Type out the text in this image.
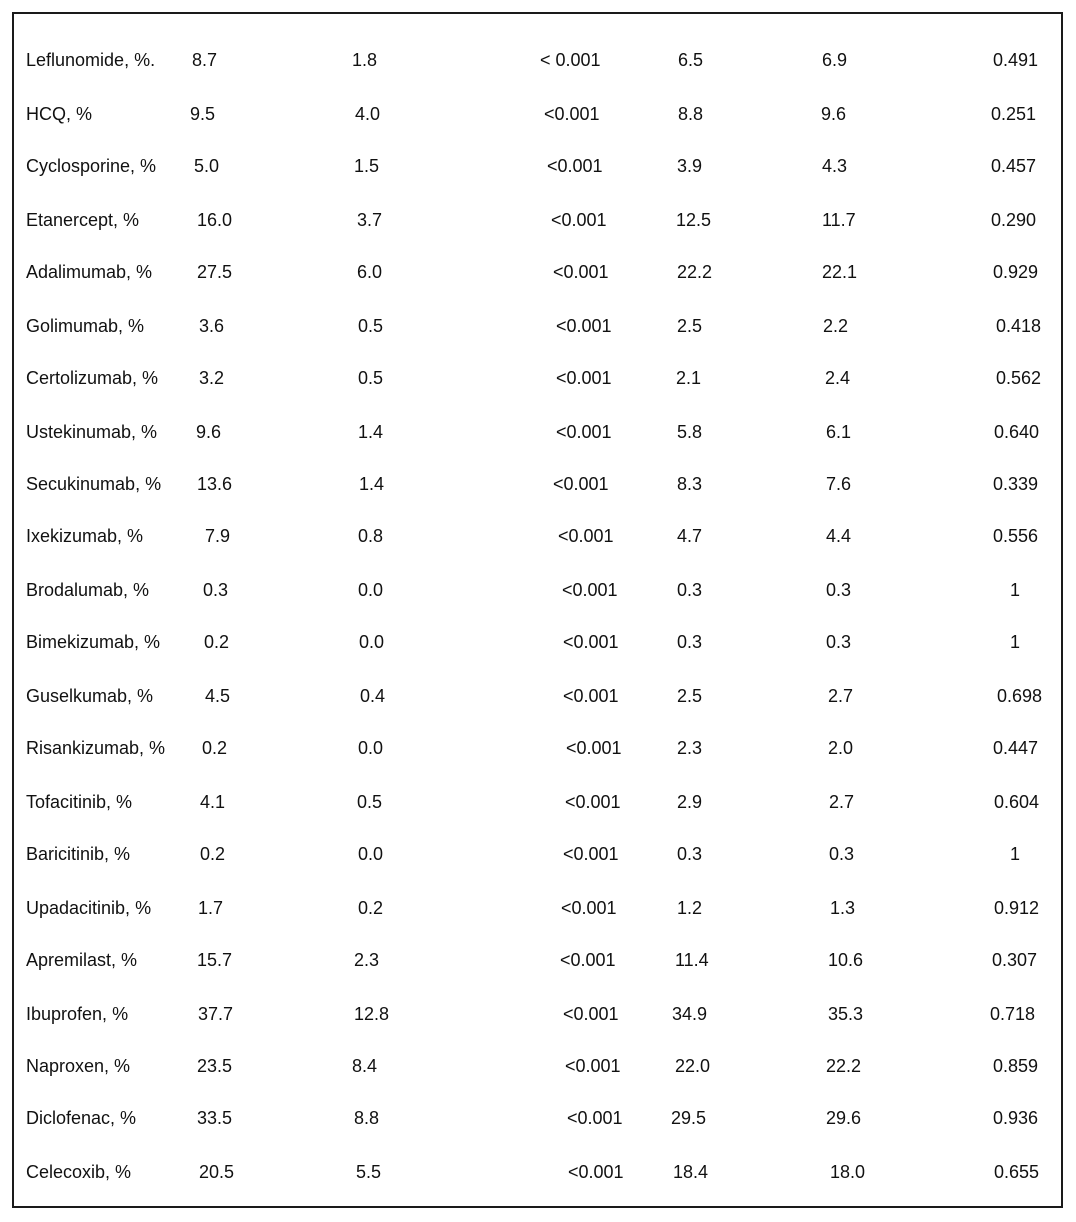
Leflunomide, %. 8.7	1.8	< 0.001	6.5	6.9	0.491
HCQ, %	9.5	4.0	<0.001	8.8	9.6	0.251
Cyclosporine, % 5.0	1.5	<0.001	3.9	4.3	0.457
Etanercept, %	16.0	3.7	<0.001	12.5	11.7	0.290
Adalimumab, % 27.5	6.0	<0.001	22.2	22.1	0.929
Golimumab, %	3.6	0.5	<0.001	2.5	2.2	0.418
Certolizumab, % 3.2	0.5	<0.001	2.1	2.4	0.562
Ustekinumab, % 9.6	1.4	<0.001	5.8	6.1	0.640
Secukinumab, % 13.6	1.4	<0.001	8.3	7.6	0.339
Ixekizumab, %	7.9	0.8	<0.001	4.7	4.4	0.556
Brodalumab, %	0.3	0.0	<0.001	0.3	0.3	1
Bimekizumab, % 0.2	0.0	<0.001	0.3	0.3	1
Guselkumab, %	4.5	0.4	<0.001	2.5	2.7	0.698
Risankizumab, % 0.2	0.0	<0.001	2.3	2.0	0.447
Tofacitinib, %	4.1	0.5	<0.001	2.9	2.7	0.604
Baricitinib, %	0.2	0.0	<0.001	0.3	0.3	1
Upadacitinib, %	1.7	0.2	<0.001	1.2	1.3	0.912
Apremilast, %	15.7	2.3	<0.001	11.4	10.6	0.307
Ibuprofen, %	37.7	12.8	<0.001	34.9	35.3	0.718
Naproxen, %	23.5	8.4	<0.001	22.0	22.2	0.859
Diclofenac, %	33.5	8.8	<0.001	29.5	29.6	0.936
Celecoxib, %	20.5	5.5	<0.001	18.4	18.0	0.655
